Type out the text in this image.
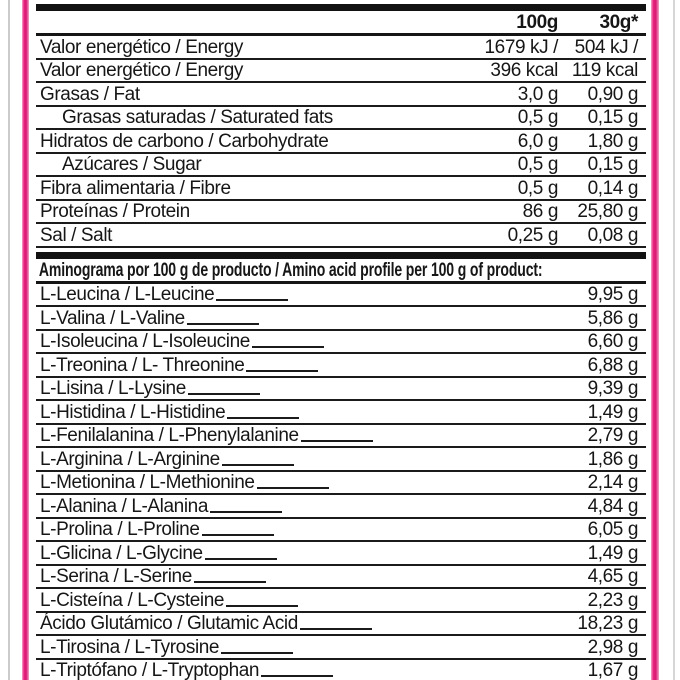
100g	30g*
Valor energético / Energy	1679 kJ / 504 kJ /
Valor energético / Energy	396 kcal 119 kcal
Grasas / Fat	3,0 g	0,90 g
Grasas saturadas / Saturated fats	0,5 g	0,15 g
Hidratos de carbono / Carbohydrate	6,0 g	1,80 g
Azúcares / Sugar	0,5 g	0,15 g
Fibra alimentaria / Fibre	0,5 g	0,14 g
Proteínas / Protein	86 g	25,80 g
Sal / Salt	0,25 g	0,08 g
Aminograma por 100 g de producto / Amino acid profile per 100 g of product:
L-Leucina / L-Leucine	9,95 g
L-Valina / L-Valine	5,86 g
L-Isoleucina / L-Isoleucine	6,60 g
L-Treonina / L- Threonine	6,88 g
L-Lisina / L-Lysine	9,39 g
L-Histidina / L-Histidine	1,49 g
L-Fenilalanina / L-Phenylalanine	2,79 g
L-Arginina / L-Arginine	1,86 g
L-Metionina / L-Methionine	2,14 g
L-Alanina / L-Alanina	4,84 g
L-Prolina / L-Proline	6,05 g
L-Glicina / L-Glycine	1,49 g
L-Serina / L-Serine	4,65 g
L-Cisteína / L-Cysteine	2,23 g
Ácido Glutámico / Glutamic Acid	18,23 g
L-Tirosina / L-Tyrosine	2,98 g
L-Triptófano / L-Tryptophan	1,67 g
